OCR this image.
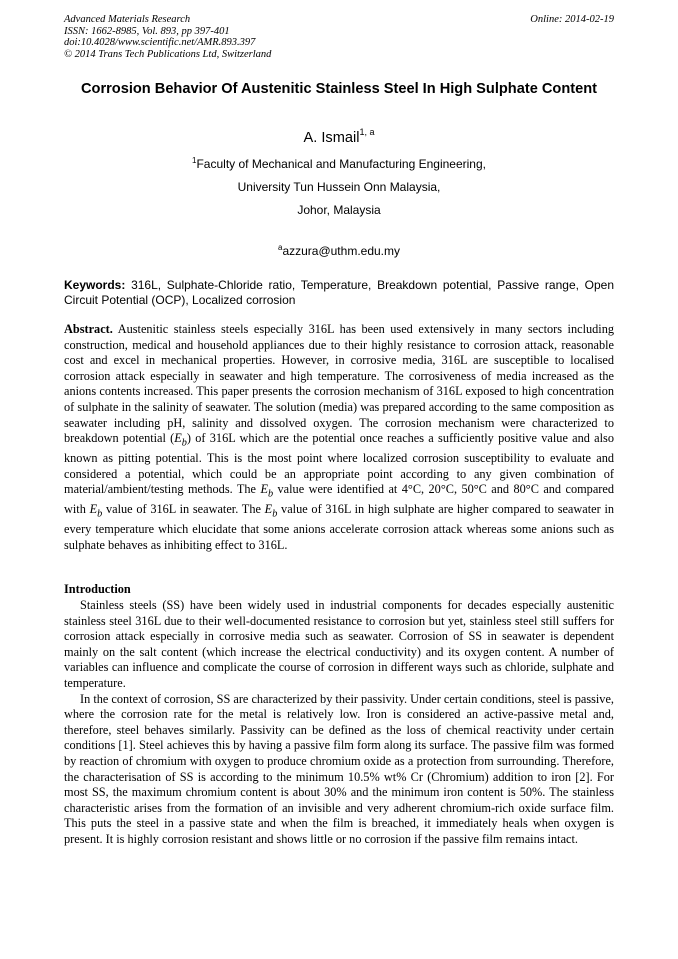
Advanced Materials Research
ISSN: 1662-8985, Vol. 893, pp 397-401
doi:10.4028/www.scientific.net/AMR.893.397
© 2014 Trans Tech Publications Ltd, Switzerland
Online: 2014-02-19
Corrosion Behavior Of Austenitic Stainless Steel In High Sulphate Content
A. Ismail$^{1, a}$
$^1$Faculty of Mechanical and Manufacturing Engineering,
University Tun Hussein Onn Malaysia,
Johor, Malaysia
$^a$azzura@uthm.edu.my
Keywords: 316L, Sulphate-Chloride ratio, Temperature, Breakdown potential, Passive range, Open Circuit Potential (OCP), Localized corrosion
Abstract. Austenitic stainless steels especially 316L has been used extensively in many sectors including construction, medical and household appliances due to their highly resistance to corrosion attack, reasonable cost and excel in mechanical properties. However, in corrosive media, 316L are susceptible to localised corrosion attack especially in seawater and high temperature. The corrosiveness of media increased as the anions contents increased. This paper presents the corrosion mechanism of 316L exposed to high concentration of sulphate in the salinity of seawater. The solution (media) was prepared according to the same composition as seawater including pH, salinity and dissolved oxygen. The corrosion mechanism were characterized to breakdown potential $(E_b)$ of 316L which are the potential once reaches a sufficiently positive value and also known as pitting potential. This is the most point where localized corrosion susceptibility to evaluate and considered a potential, which could be an appropriate point according to any given combination of material/ambient/testing methods. The $E_b$ value were identified at 4°C, 20°C, 50°C and 80°C and compared with $E_b$ value of 316L in seawater. The $E_b$ value of 316L in high sulphate are higher compared to seawater in every temperature which elucidate that some anions accelerate corrosion attack whereas some anions such as sulphate behaves as inhibiting effect to 316L.
Introduction

Stainless steels (SS) have been widely used in industrial components for decades especially austenitic stainless steel 316L due to their well-documented resistance to corrosion but yet, stainless steel still suffers for corrosion attack especially in corrosive media such as seawater. Corrosion of SS in seawater is dependent mainly on the salt content (which increase the electrical conductivity) and its oxygen content. A number of variables can influence and complicate the course of corrosion in different ways such as chloride, sulphate and temperature.

In the context of corrosion, SS are characterized by their passivity. Under certain conditions, steel is passive, where the corrosion rate for the metal is relatively low. Iron is considered an active-passive metal and, therefore, steel behaves similarly. Passivity can be defined as the loss of chemical reactivity under certain conditions [1]. Steel achieves this by having a passive film form along its surface. The passive film was formed by reaction of chromium with oxygen to produce chromium oxide as a protection from surrounding. Therefore, the characterisation of SS is according to the minimum 10.5% wt% Cr (Chromium) addition to iron [2]. For most SS, the maximum chromium content is about 30% and the minimum iron content is 50%. The stainless characteristic arises from the formation of an invisible and very adherent chromium-rich oxide surface film. This puts the steel in a passive state and when the film is breached, it immediately heals when oxygen is present. It is highly corrosion resistant and shows little or no corrosion if the passive film remains intact.
